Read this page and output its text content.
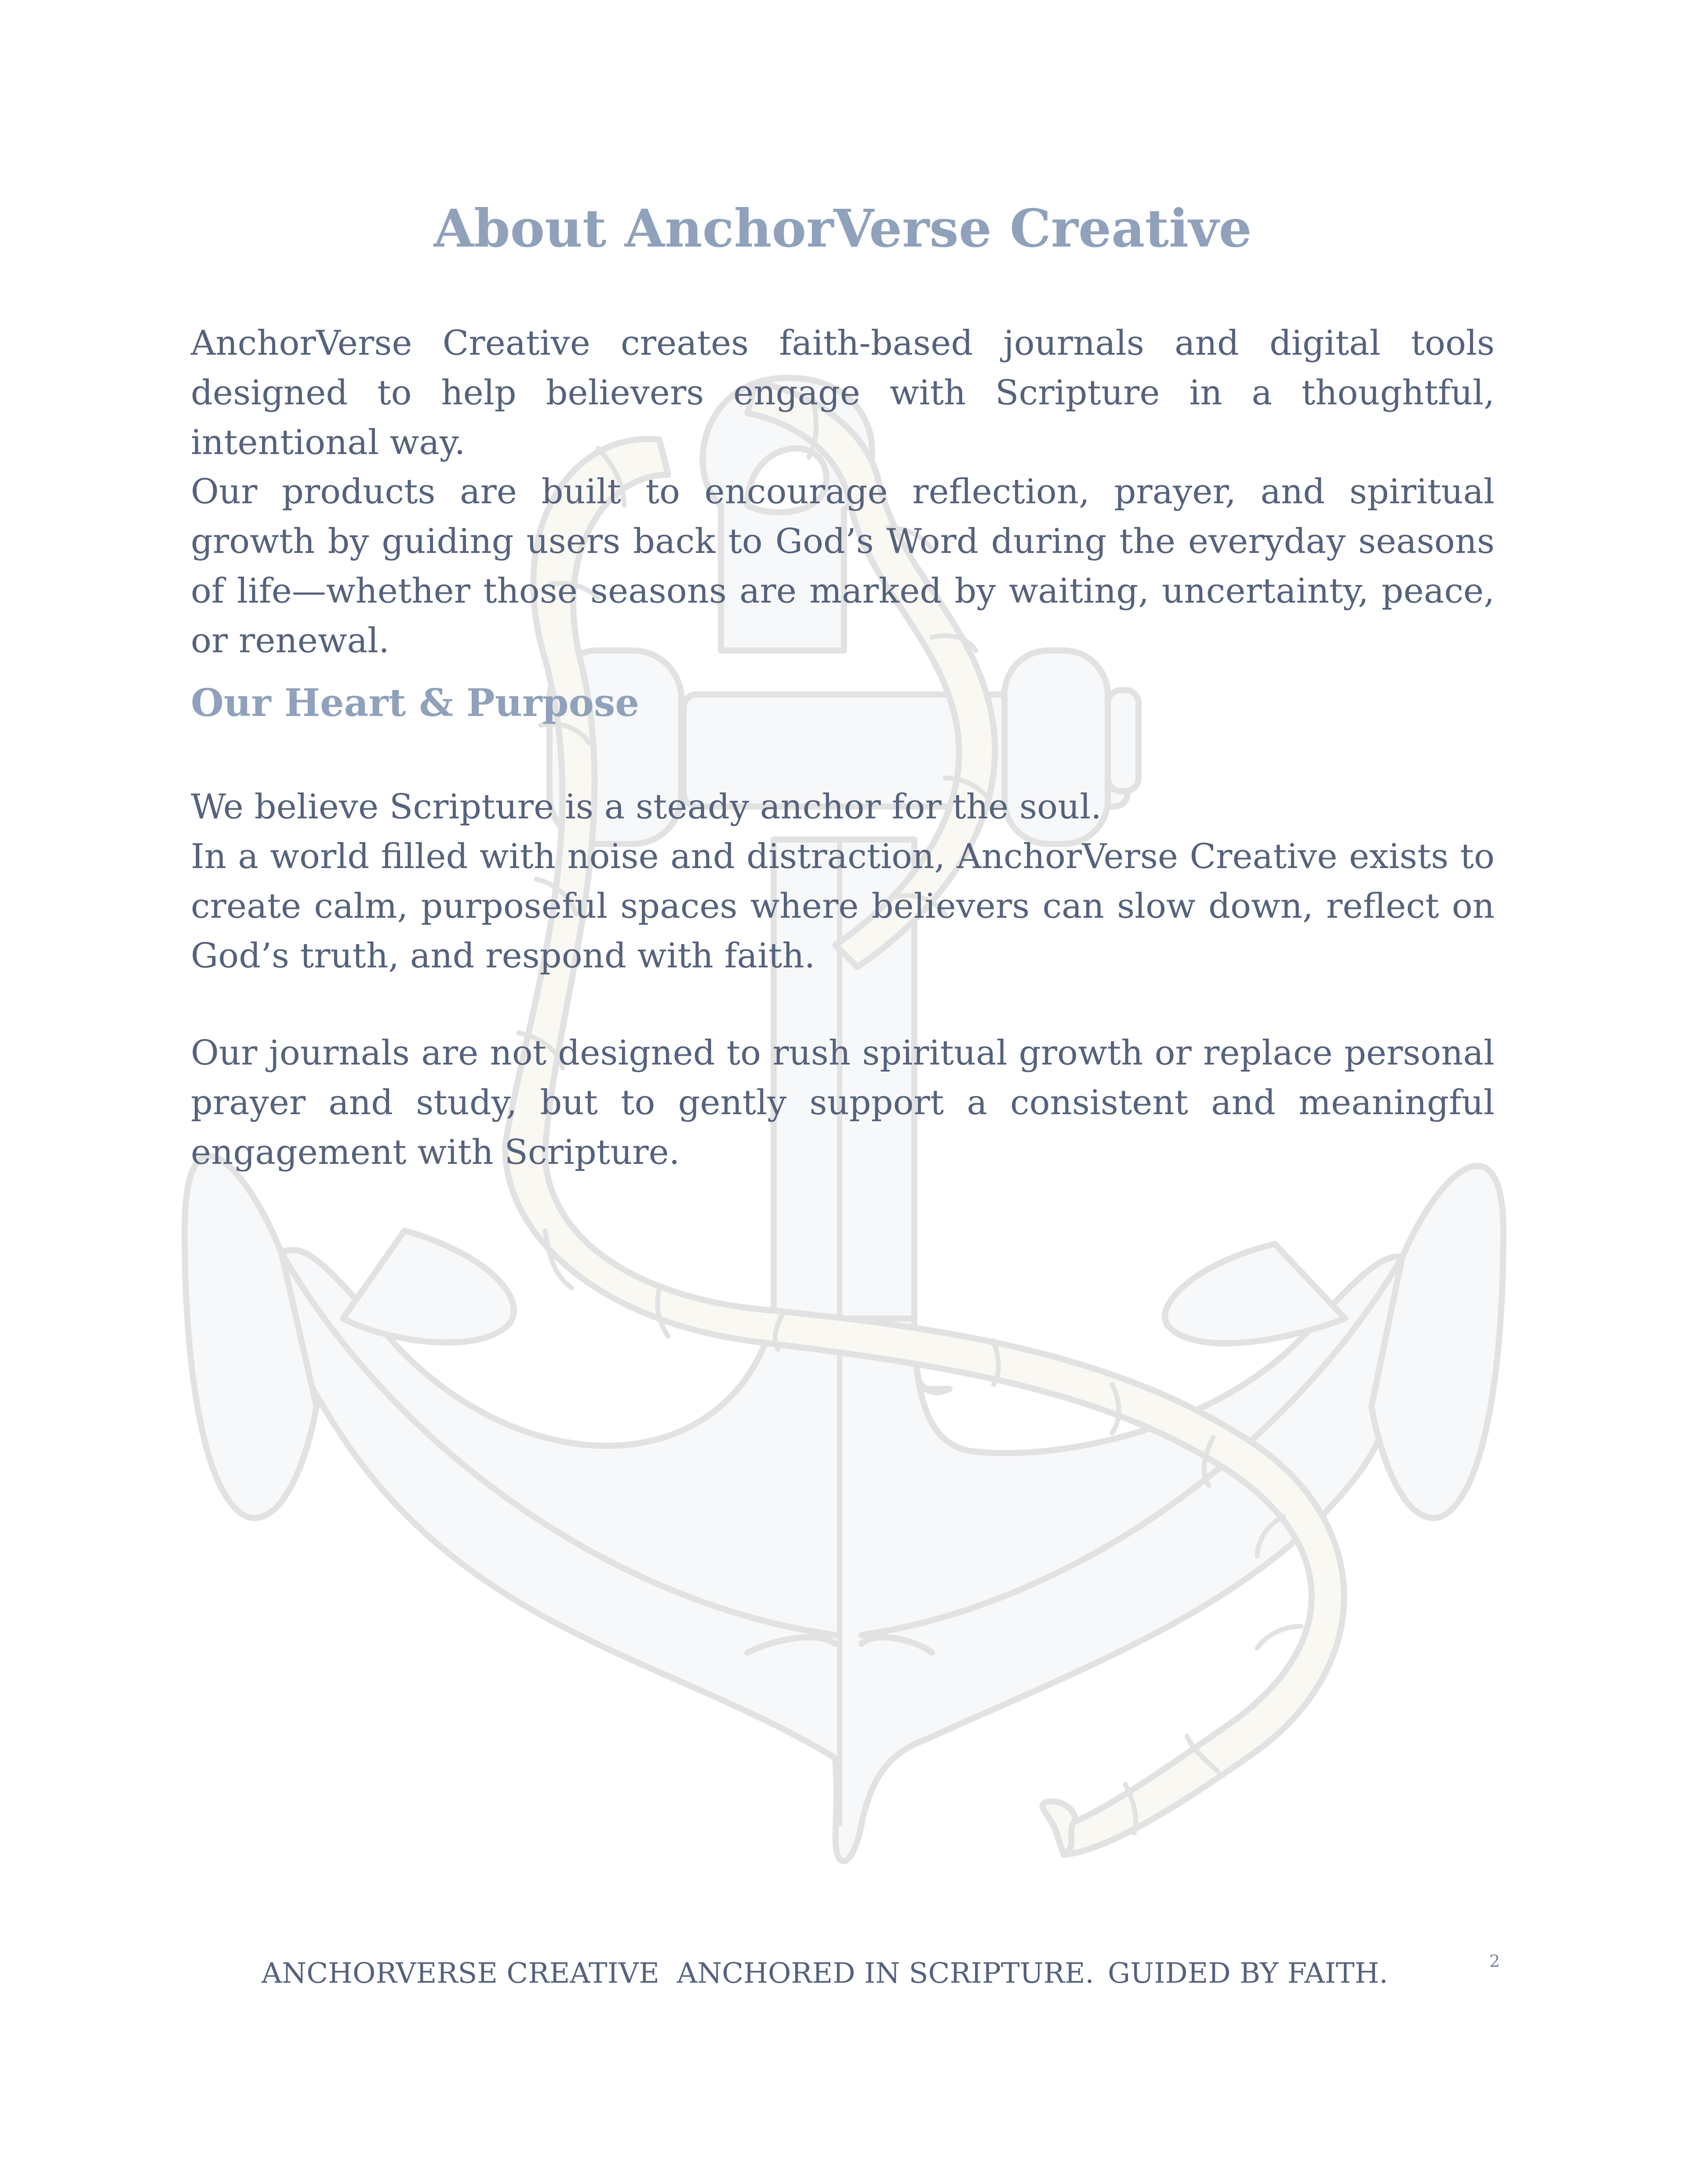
About AnchorVerse Creative

AnchorVerse Creative creates faith-based journals and digital tools designed to help believers engage with Scripture in a thoughtful, intentional way.

Our products are built to encourage reflection, prayer, and spiritual growth by guiding users back to God’s Word during the everyday seasons of life—whether those seasons are marked by waiting, uncertainty, peace, or renewal.

Our Heart & Purpose

We believe Scripture is a steady anchor for the soul.

In a world filled with noise and distraction, AnchorVerse Creative exists to create calm, purposeful spaces where believers can slow down, reflect on God’s truth, and respond with faith.

Our journals are not designed to rush spiritual growth or replace personal prayer and study, but to gently support a consistent and meaningful engagement with Scripture.

ANCHORVERSE CREATIVE ANCHORED IN SCRIPTURE. GUIDED BY FAITH.	2
